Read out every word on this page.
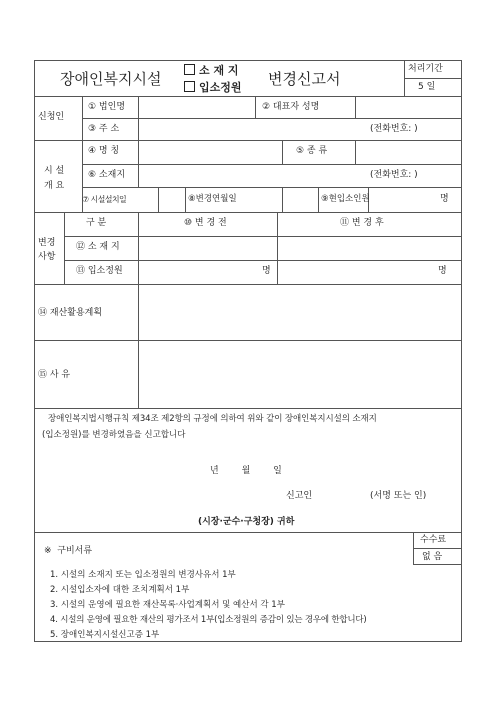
장애인복지시설	소 재 지
입소정원 변경신고서
처리기간
5 일
신청인
① 법인명	② 대표자 성명
③ 주 소	(전화번호: )
시 설
개 요
④ 명 칭	⑤ 종 류
⑥ 소재지	(전화번호: )
⑦ 시설설치일	⑧변경연월일	⑨현입소인원	명
변경
사항
구 분	⑩ 변 경 전	⑪ 변 경 후
⑫ 소 재 지
⑬ 입소정원	명	명
⑭ 재산활용계획
⑮ 사 유
장애인복지법시행규칙 제34조 제2항의 규정에 의하여 위와 같이 장애인복지시설의 소재지
(입소정원)를 변경하였음을 신고합니다
년        월        일
신고인	(서명 또는 인)
(시장·군수·구청장) 귀하
※  구비서류
수수료
없 음
1. 시설의 소재지 또는 입소정원의 변경사유서 1부
2. 시설입소자에 대한 조치계획서 1부
3. 시설의 운영에 필요한 재산목록·사업계획서 및 예산서 각 1부
4. 시설의 운영에 필요한 재산의 평가조서 1부(입소정원의 증감이 있는 경우에 한합니다)
5. 장애인복지시설신고증 1부
